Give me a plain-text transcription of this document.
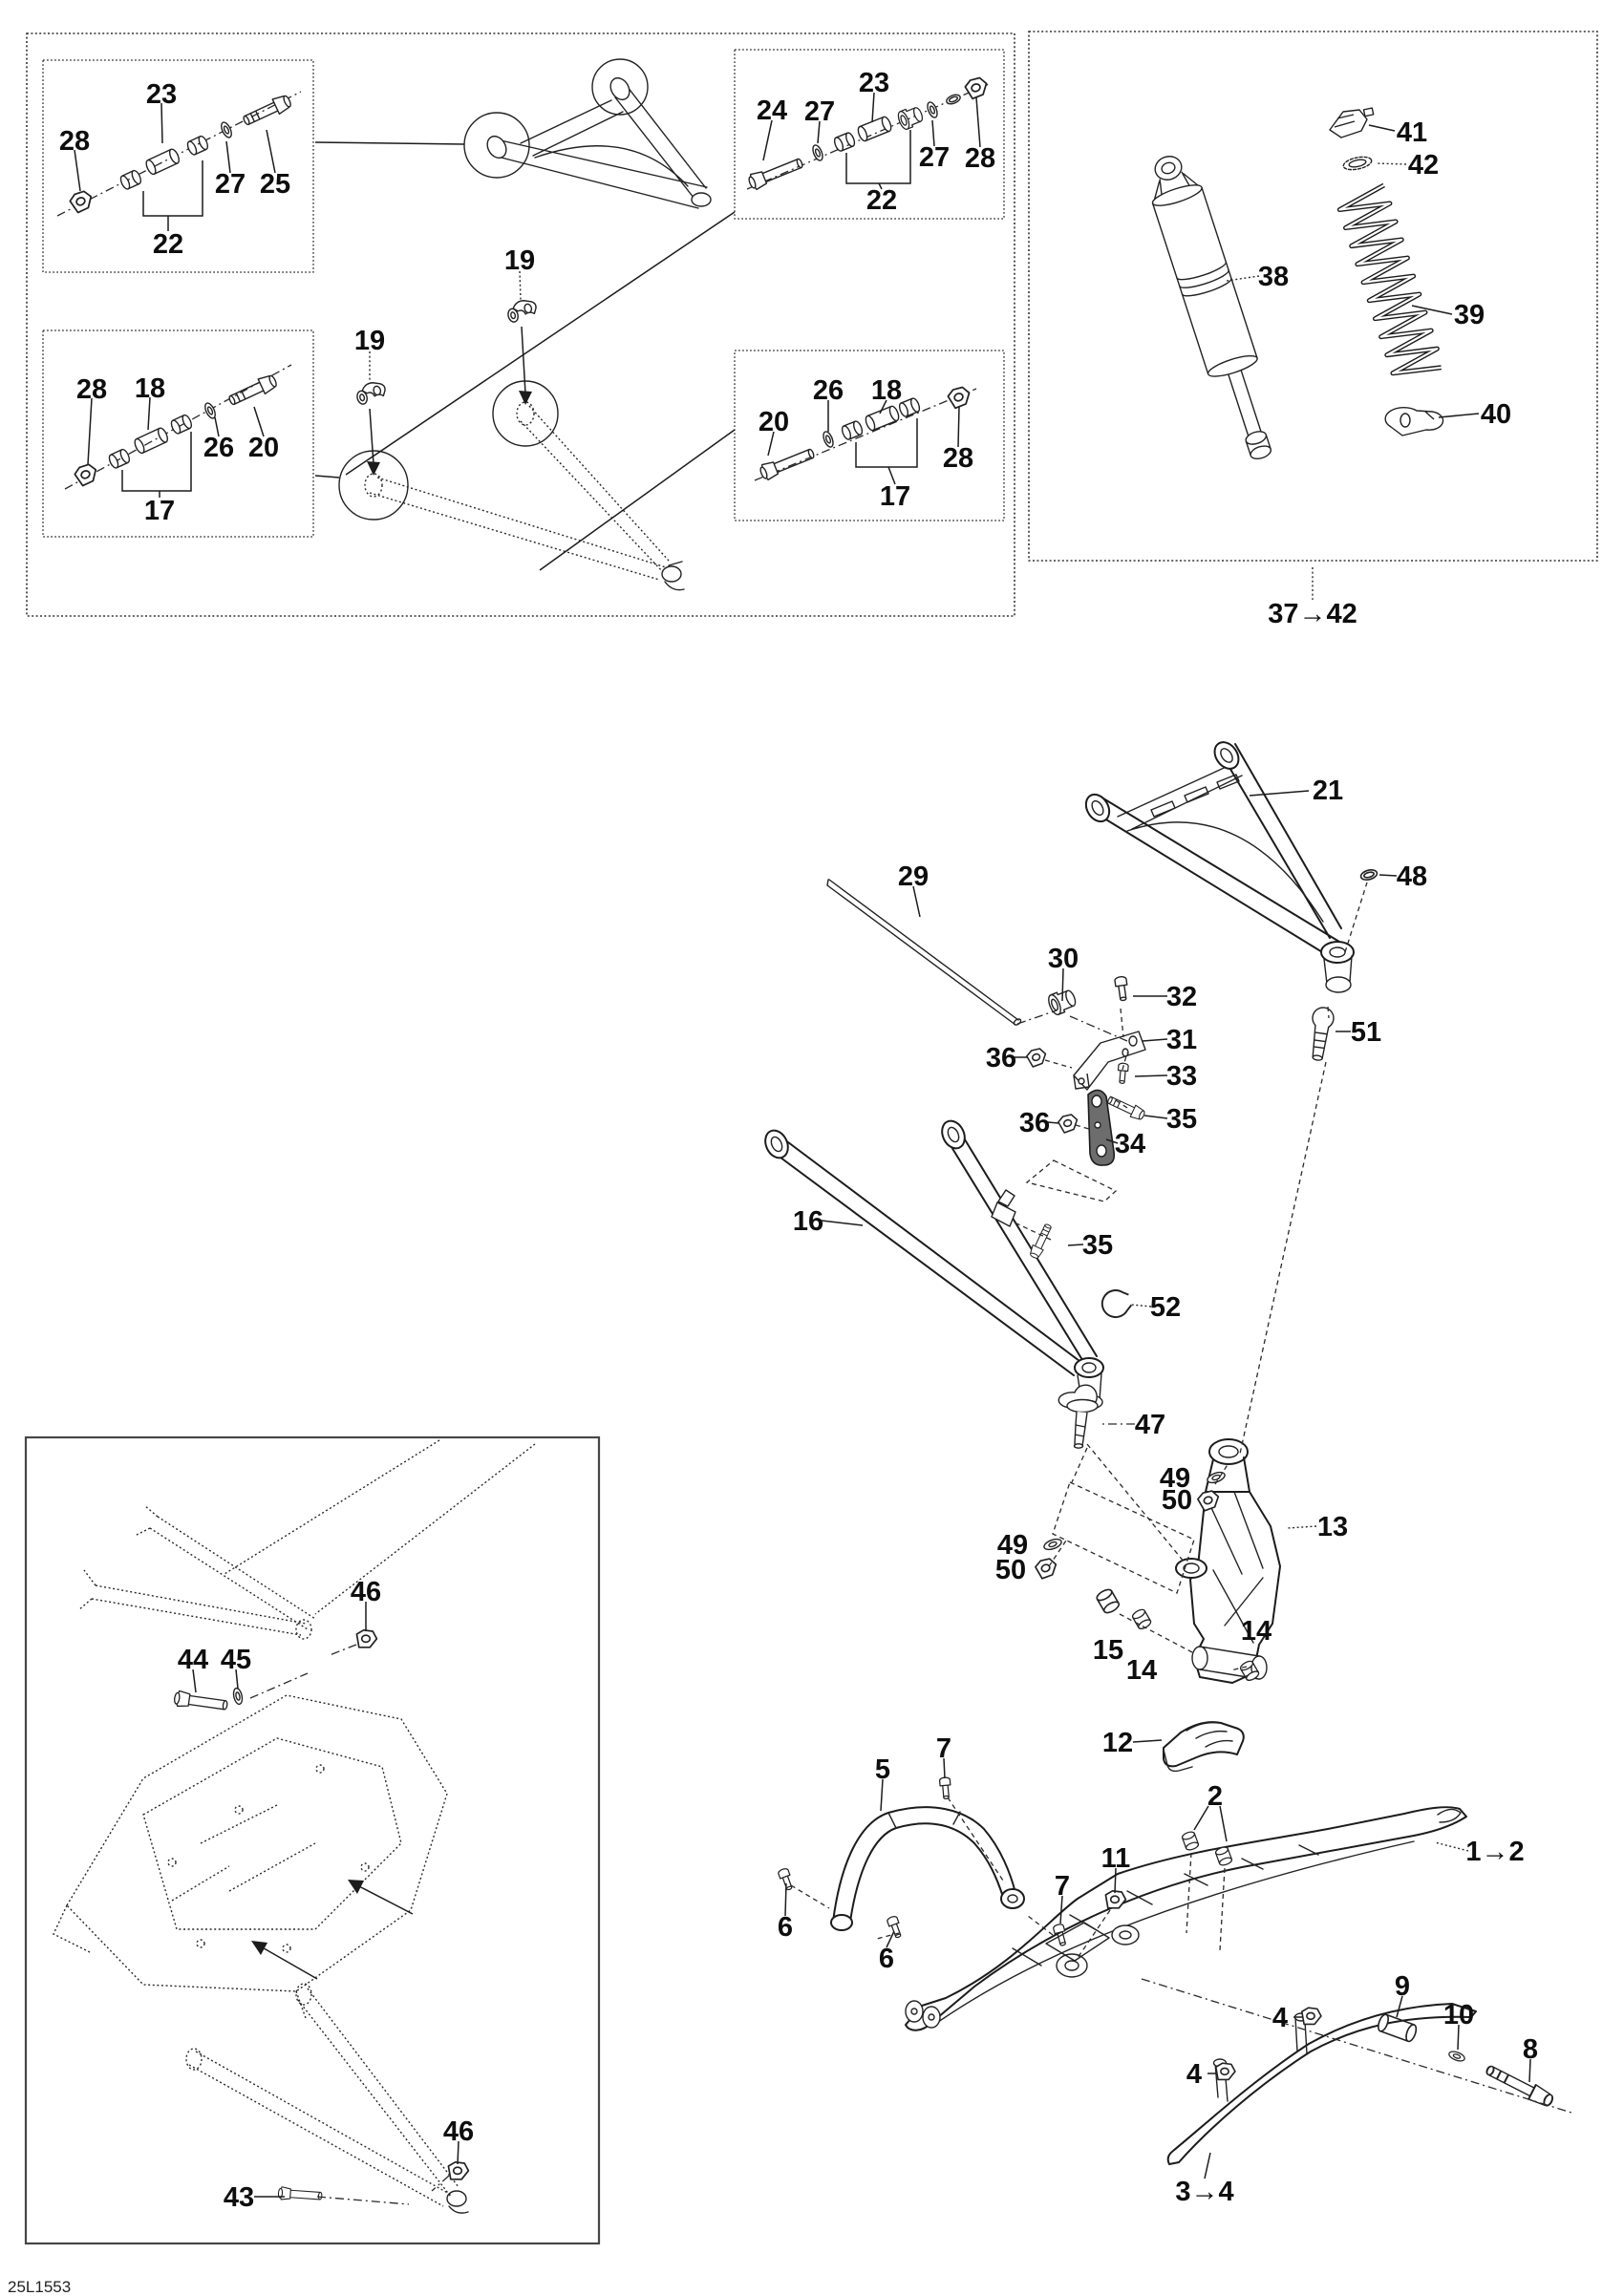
23
28
27 25
22
28 18
26 20
17
19
19
24 27
23
27 28
22
26 18
20
28
17
41
42
38
39
40
37→42
21
48
29
30
32
31
36
33
35
36
34
51
16
35
52
47
49
50
13
49
50
15
14
14
12
5
7
2
1→2
11
7
6
6
9
10
8
4
4
3→4
46
44 45
46
43
25L1553
